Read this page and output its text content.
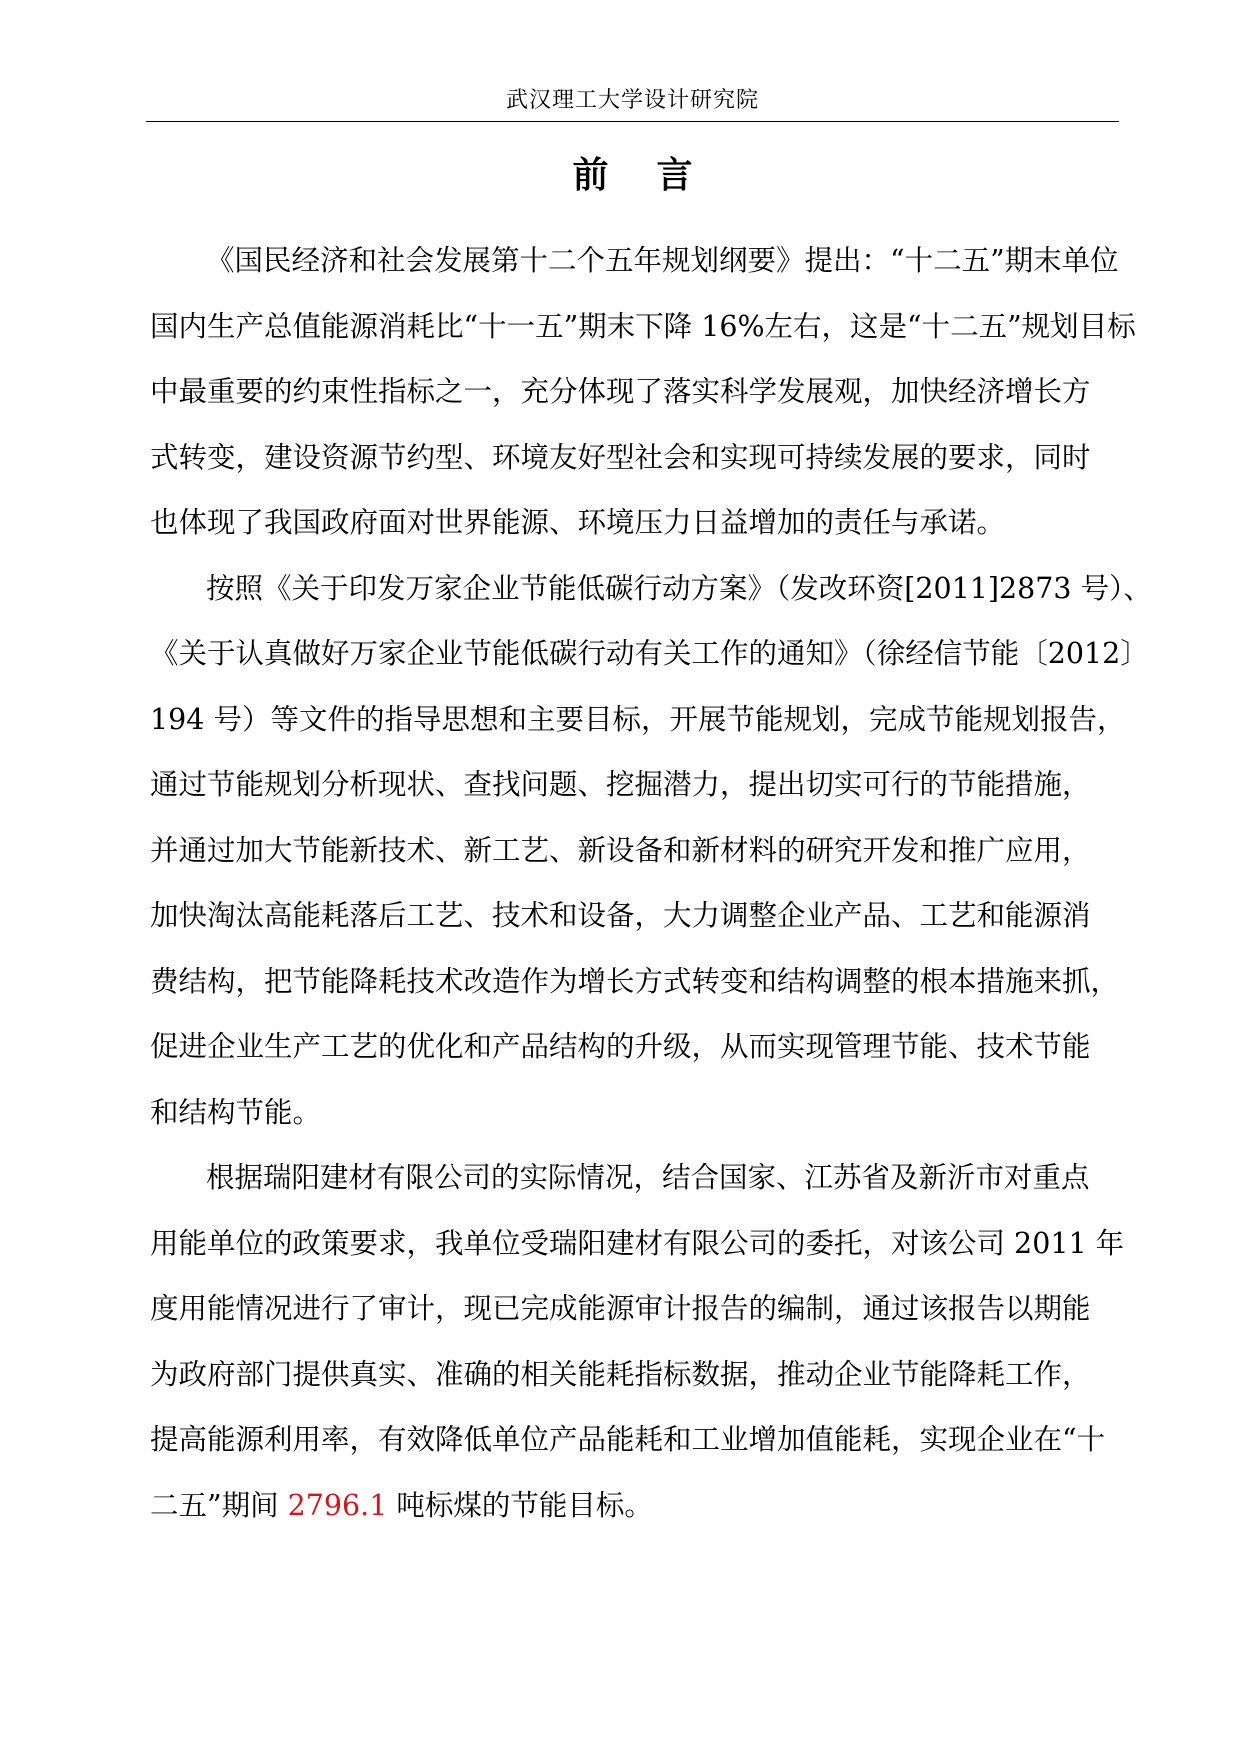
武汉理工大学设计研究院
前言

《国民经济和社会发展第十二个五年规划纲要》提出：“十二五”期末单位
国内生产总值能源消耗比“十一五”期末下降 16%左右，这是“十二五”规划目标
中最重要的约束性指标之一，充分体现了落实科学发展观，加快经济增长方
式转变，建设资源节约型、环境友好型社会和实现可持续发展的要求，同时
也体现了我国政府面对世界能源、环境压力日益增加的责任与承诺。

按照《关于印发万家企业节能低碳行动方案》（发改环资[2011]2873 号）、
《关于认真做好万家企业节能低碳行动有关工作的通知》（徐经信节能〔2012〕
194 号）等文件的指导思想和主要目标，开展节能规划，完成节能规划报告，
通过节能规划分析现状、查找问题、挖掘潜力，提出切实可行的节能措施，
并通过加大节能新技术、新工艺、新设备和新材料的研究开发和推广应用，
加快淘汰高能耗落后工艺、技术和设备，大力调整企业产品、工艺和能源消
费结构，把节能降耗技术改造作为增长方式转变和结构调整的根本措施来抓，
促进企业生产工艺的优化和产品结构的升级，从而实现管理节能、技术节能
和结构节能。

根据瑞阳建材有限公司的实际情况，结合国家、江苏省及新沂市对重点
用能单位的政策要求，我单位受瑞阳建材有限公司的委托，对该公司 2011 年
度用能情况进行了审计，现已完成能源审计报告的编制，通过该报告以期能
为政府部门提供真实、准确的相关能耗指标数据，推动企业节能降耗工作，
提高能源利用率，有效降低单位产品能耗和工业增加值能耗，实现企业在“十
二五”期间 2796.1 吨标煤的节能目标。
